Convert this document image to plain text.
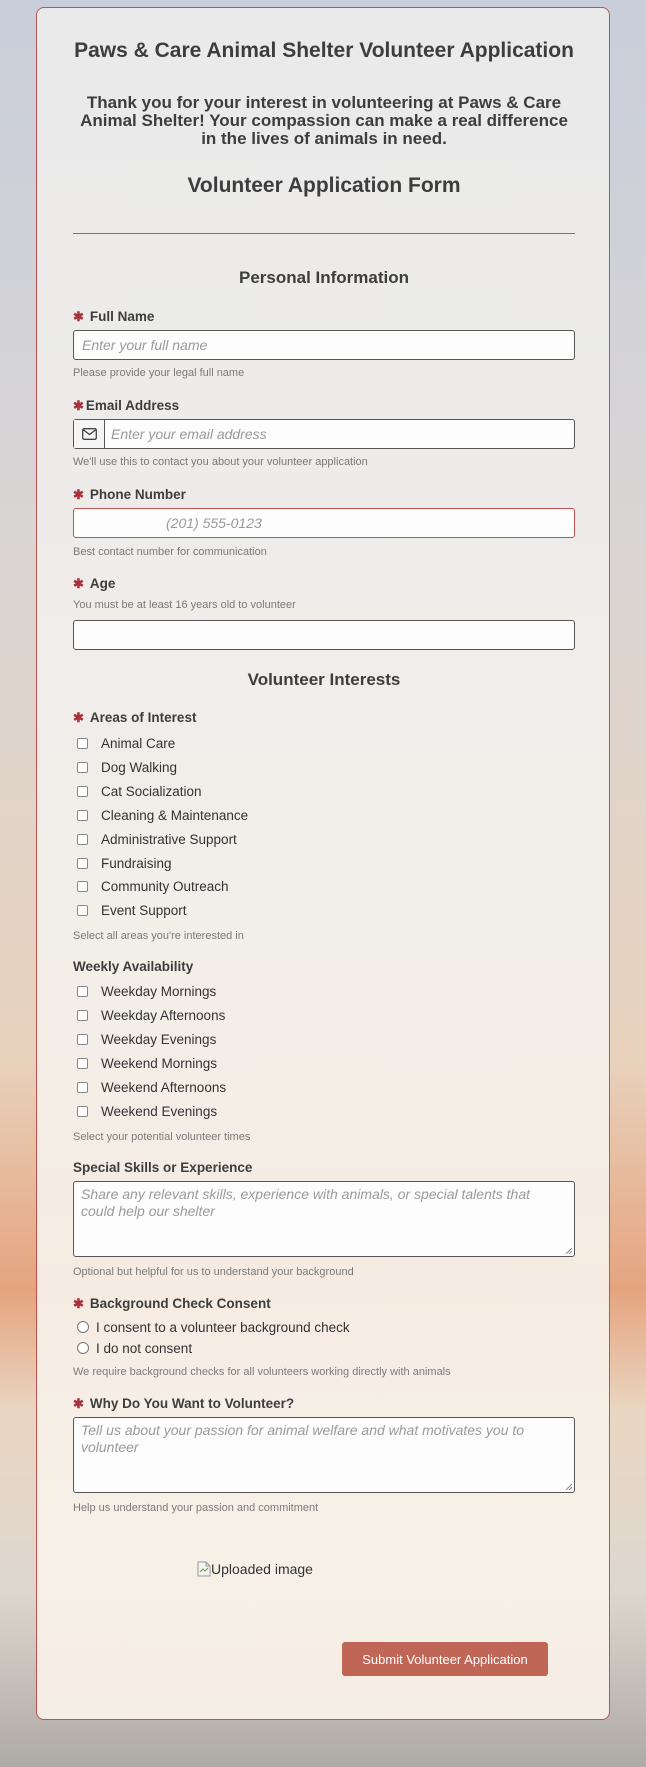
Paws & Care Animal Shelter Volunteer Application
Thank you for your interest in volunteering at Paws & Care Animal Shelter! Your compassion can make a real difference in the lives of animals in need.
Volunteer Application Form
Personal Information
✱ Full Name
Enter your full name
Please provide your legal full name
✱ Email Address
Enter your email address
We'll use this to contact you about your volunteer application
✱ Phone Number
(201) 555-0123
Best contact number for communication
✱ Age
You must be at least 16 years old to volunteer
Volunteer Interests
✱ Areas of Interest
Animal Care
Dog Walking
Cat Socialization
Cleaning & Maintenance
Administrative Support
Fundraising
Community Outreach
Event Support
Select all areas you're interested in
Weekly Availability
Weekday Mornings
Weekday Afternoons
Weekday Evenings
Weekend Mornings
Weekend Afternoons
Weekend Evenings
Select your potential volunteer times
Special Skills or Experience
Share any relevant skills, experience with animals, or special talents that could help our shelter
Optional but helpful for us to understand your background
✱ Background Check Consent
I consent to a volunteer background check
I do not consent
We require background checks for all volunteers working directly with animals
✱ Why Do You Want to Volunteer?
Tell us about your passion for animal welfare and what motivates you to volunteer
Help us understand your passion and commitment
Uploaded image
Submit Volunteer Application
